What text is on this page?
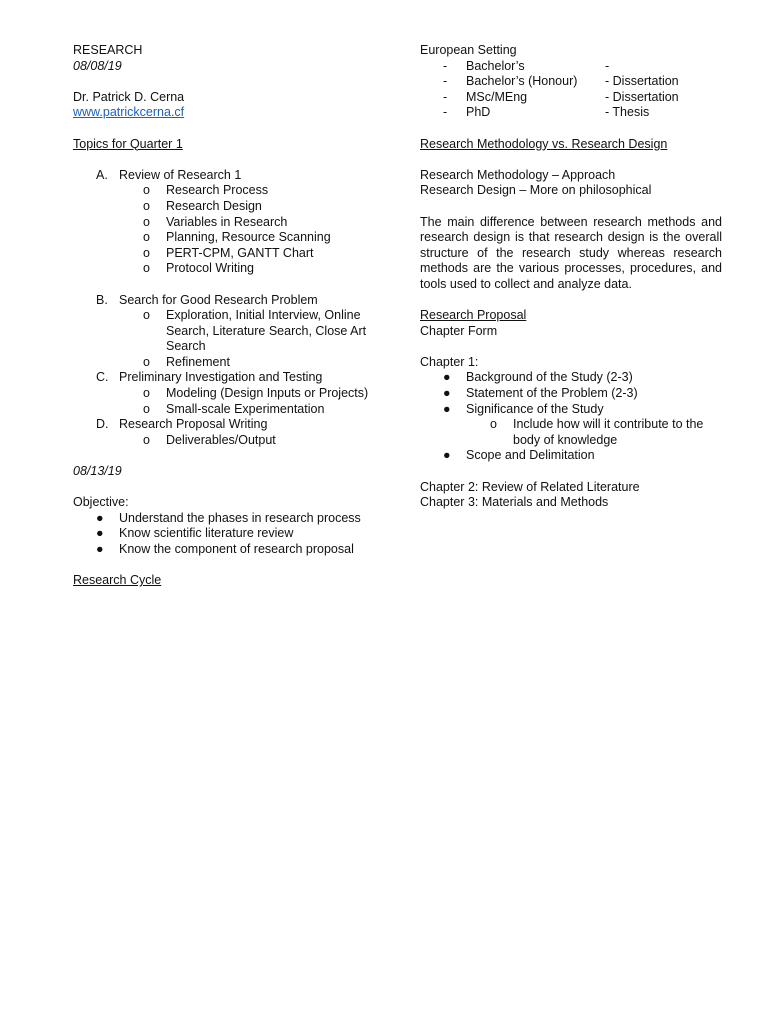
RESEARCH
08/08/19
Dr. Patrick D. Cerna
www.patrickcerna.cf
Topics for Quarter 1
A. Review of Research 1
o	Research Process
o	Research Design
o	Variables in Research
o	Planning, Resource Scanning
o	PERT-CPM, GANTT Chart
o	Protocol Writing
B. Search for Good Research Problem
o	Exploration, Initial Interview, Online
Search, Literature Search, Close Art
Search
o	Refinement
C. Preliminary Investigation and Testing
o	Modeling (Design Inputs or Projects)
o	Small-scale Experimentation
D. Research Proposal Writing
o	Deliverables/Output
08/13/19
Objective:
●	Understand the phases in research process
●	Know scientific literature review
●	Know the component of research proposal
Research Cycle
European Setting
-	Bachelor’s	-
-	Bachelor’s (Honour)	- Dissertation
-	MSc/MEng	- Dissertation
-	PhD	- Thesis
Research Methodology vs. Research Design
Research Methodology – Approach
Research Design – More on philosophical
The main difference between research methods and research design is that research design is the overall structure of the research study whereas research methods are the various processes, procedures, and tools used to collect and analyze data.
Research Proposal
Chapter Form
Chapter 1:
●	Background of the Study (2-3)
●	Statement of the Problem (2-3)
●	Significance of the Study
o	Include how will it contribute to the
body of knowledge
●	Scope and Delimitation
Chapter 2: Review of Related Literature
Chapter 3: Materials and Methods
